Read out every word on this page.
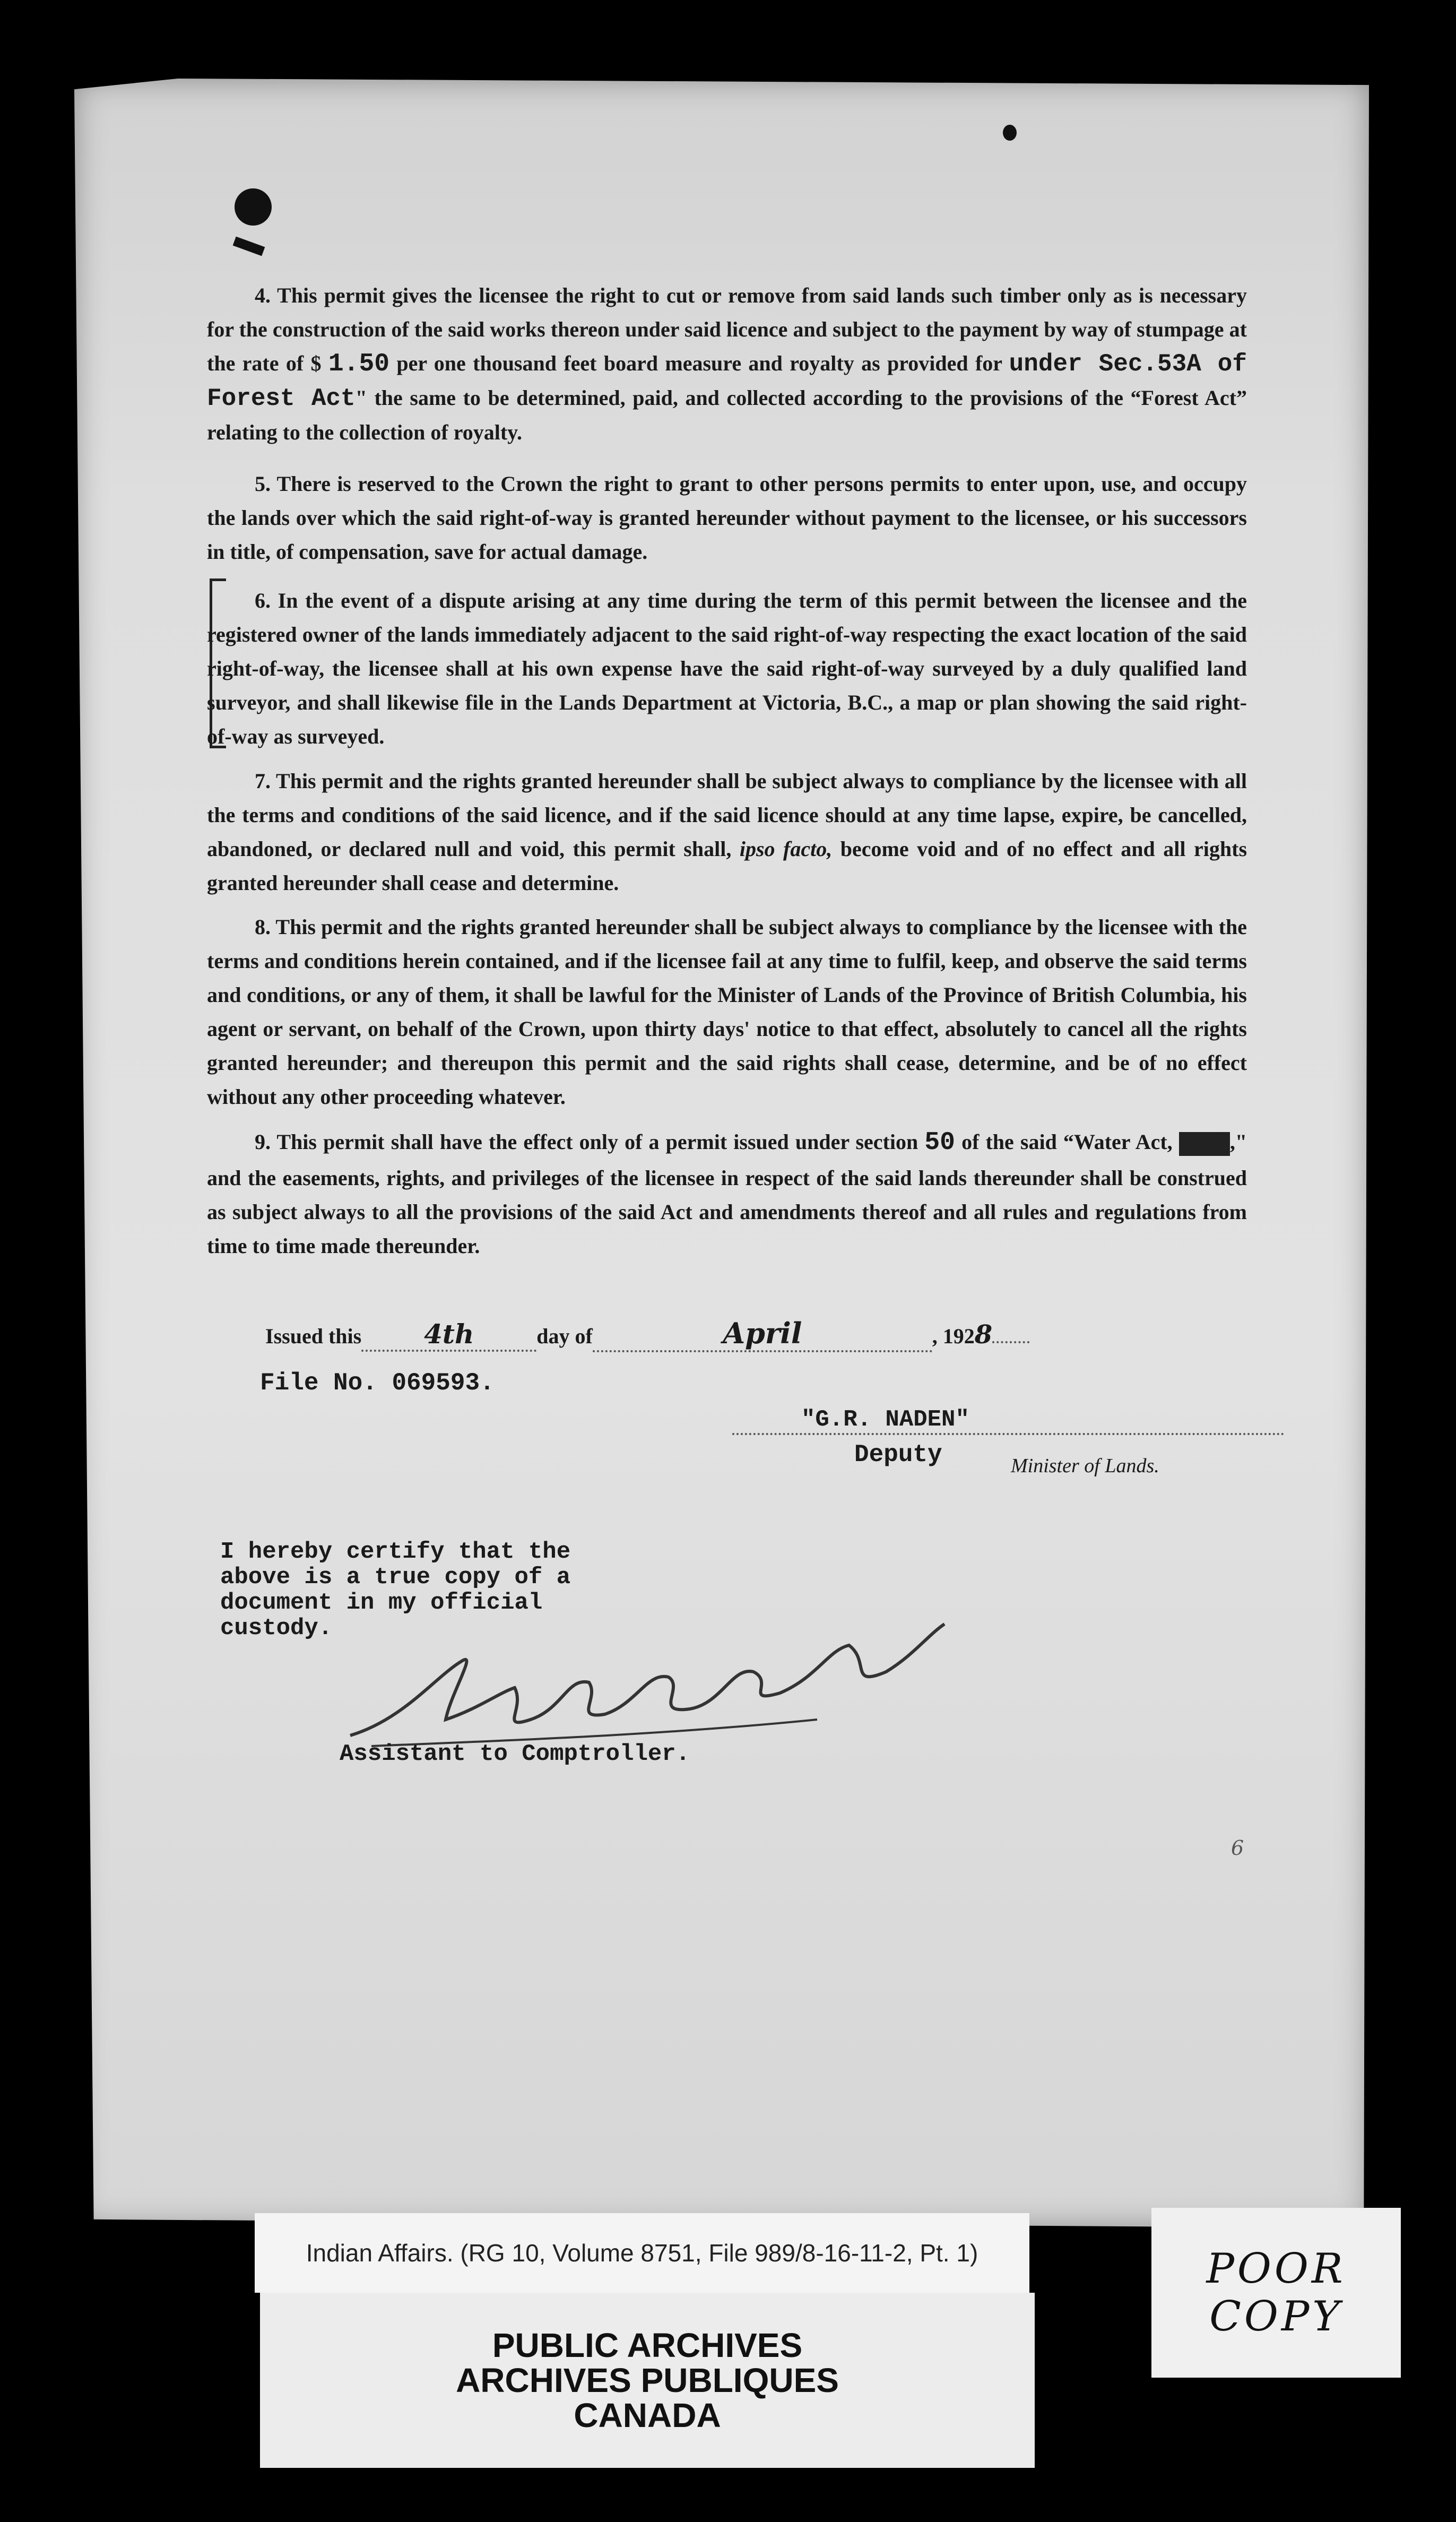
4. This permit gives the licensee the right to cut or remove from said lands such timber only as is necessary for the construction of the said works thereon under said licence and subject to the payment by way of stumpage at the rate of $ 1.50 per one thousand feet board measure and royalty as provided for under Sec.53A of Forest Act" the same to be determined, paid, and collected according to the provisions of the “Forest Act” relating to the collection of royalty.

5. There is reserved to the Crown the right to grant to other persons permits to enter upon, use, and occupy the lands over which the said right-of-way is granted hereunder without payment to the licensee, or his successors in title, of compensation, save for actual damage.

6. In the event of a dispute arising at any time during the term of this permit between the licensee and the registered owner of the lands immediately adjacent to the said right-of-way respecting the exact location of the said right-of-way, the licensee shall at his own expense have the said right-of-way surveyed by a duly qualified land surveyor, and shall likewise file in the Lands Department at Victoria, B.C., a map or plan showing the said right-of-way as surveyed.

7. This permit and the rights granted hereunder shall be subject always to compliance by the licensee with all the terms and conditions of the said licence, and if the said licence should at any time lapse, expire, be cancelled, abandoned, or declared null and void, this permit shall, ipso facto, become void and of no effect and all rights granted hereunder shall cease and determine.

8. This permit and the rights granted hereunder shall be subject always to compliance by the licensee with the terms and conditions herein contained, and if the licensee fail at any time to fulfil, keep, and observe the said terms and conditions, or any of them, it shall be lawful for the Minister of Lands of the Province of British Columbia, his agent or servant, on behalf of the Crown, upon thirty days' notice to that effect, absolutely to cancel all the rights granted hereunder; and thereupon this permit and the said rights shall cease, determine, and be of no effect without any other proceeding whatever.

9. This permit shall have the effect only of a permit issued under section 50 of the said “Water Act, XXXX," and the easements, rights, and privileges of the licensee in respect of the said lands thereunder shall be construed as subject always to all the provisions of the said Act and amendments thereof and all rules and regulations from time to time made thereunder.

Issued this 4th	day of	April	, 1928
File No. 069593.
"G.R. NADEN"
Deputy	Minister of Lands.
I hereby certify that the
above is a true copy of a
document in my official
custody.
Assistant to Comptroller.
6
Indian Affairs. (RG 10, Volume 8751, File 989/8-16-11-2, Pt. 1)
PUBLIC ARCHIVES
ARCHIVES PUBLIQUES
CANADA
POOR
COPY
